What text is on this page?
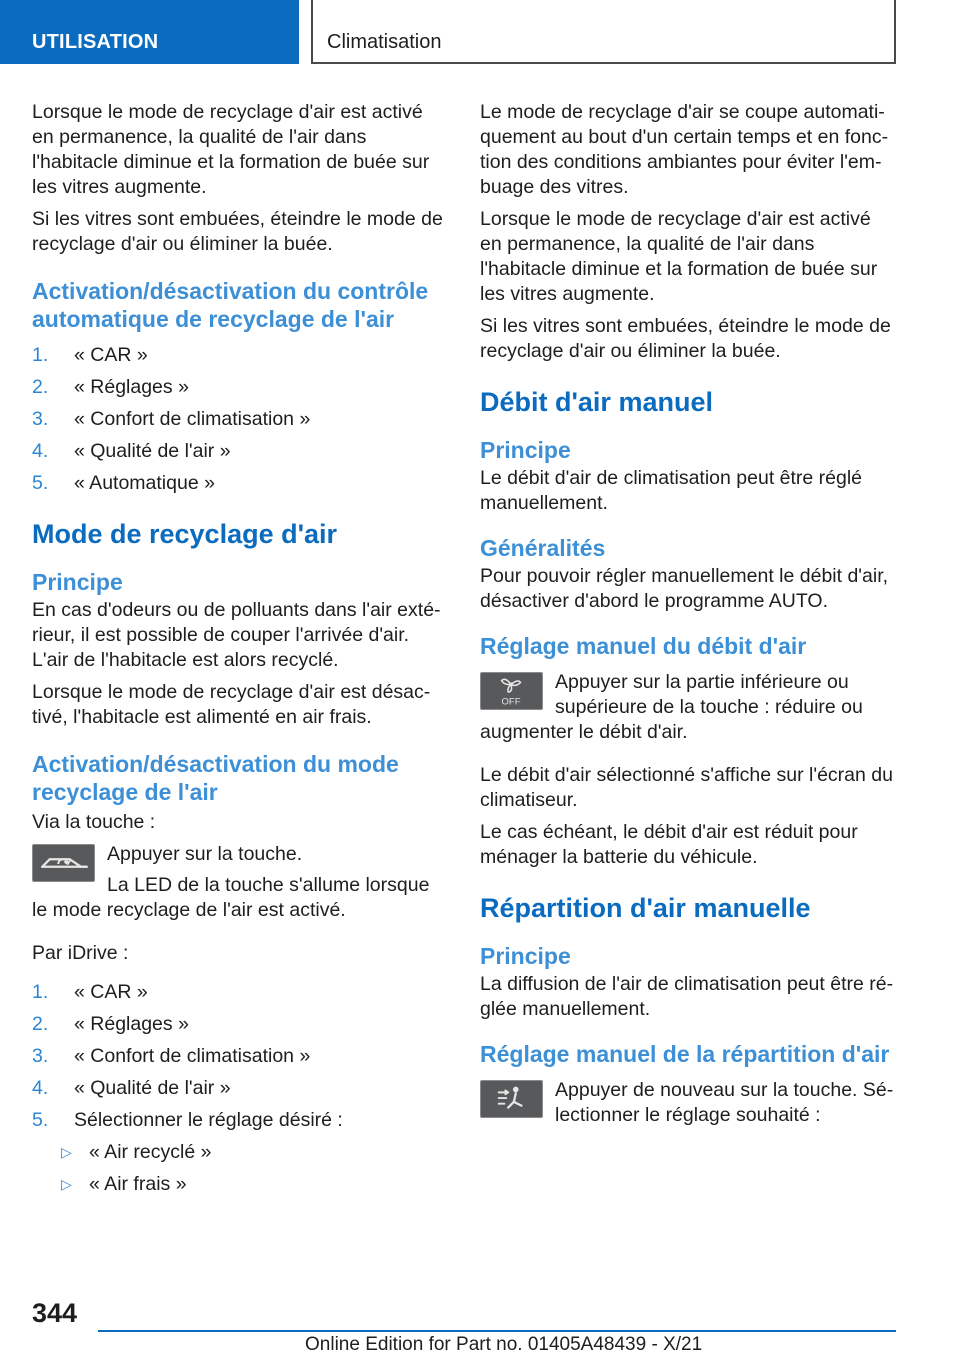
UTILISATION	Climatisation

Lorsque le mode de recyclage d'air est activé en permanence, la qualité de l'air dans l'habitacle diminue et la formation de buée sur les vitres augmente.

Si les vitres sont embuées, éteindre le mode de recyclage d'air ou éliminer la buée.

Activation/désactivation du contrôle automatique de recyclage de l'air
1. « CAR »
2. « Réglages »
3. « Confort de climatisation »
4. « Qualité de l'air »
5. « Automatique »
Mode de recyclage d'air
Principe

En cas d'odeurs ou de polluants dans l'air extérieur, il est possible de couper l'arrivée d'air. L'air de l'habitacle est alors recyclé.

Lorsque le mode de recyclage d'air est désactivé, l'habitacle est alimenté en air frais.

Activation/désactivation du mode recyclage de l'air

Via la touche :

Appuyer sur la touche.

La LED de la touche s'allume lorsque le mode recyclage de l'air est activé.

Par iDrive :

1. « CAR »
2. « Réglages »
3. « Confort de climatisation »
4. « Qualité de l'air »
5. Sélectionner le réglage désiré :
▷ « Air recyclé »
▷ « Air frais »

Le mode de recyclage d'air se coupe automatiquement au bout d'un certain temps et en fonction des conditions ambiantes pour éviter l'embuage des vitres.

Lorsque le mode de recyclage d'air est activé en permanence, la qualité de l'air dans l'habitacle diminue et la formation de buée sur les vitres augmente.

Si les vitres sont embuées, éteindre le mode de recyclage d'air ou éliminer la buée.

Débit d'air manuel
Principe

Le débit d'air de climatisation peut être réglé manuellement.

Généralités

Pour pouvoir régler manuellement le débit d'air, désactiver d'abord le programme AUTO.

Réglage manuel du débit d'air
OFF

Appuyer sur la partie inférieure ou supérieure de la touche : réduire ou augmenter le débit d'air.

Le débit d'air sélectionné s'affiche sur l'écran du climatiseur.

Le cas échéant, le débit d'air est réduit pour ménager la batterie du véhicule.

Répartition d'air manuelle
Principe

La diffusion de l'air de climatisation peut être réglée manuellement.

Réglage manuel de la répartition d'air

Appuyer de nouveau sur la touche. Sélectionner le réglage souhaité :

344
Online Edition for Part no. 01405A48439 - X/21
